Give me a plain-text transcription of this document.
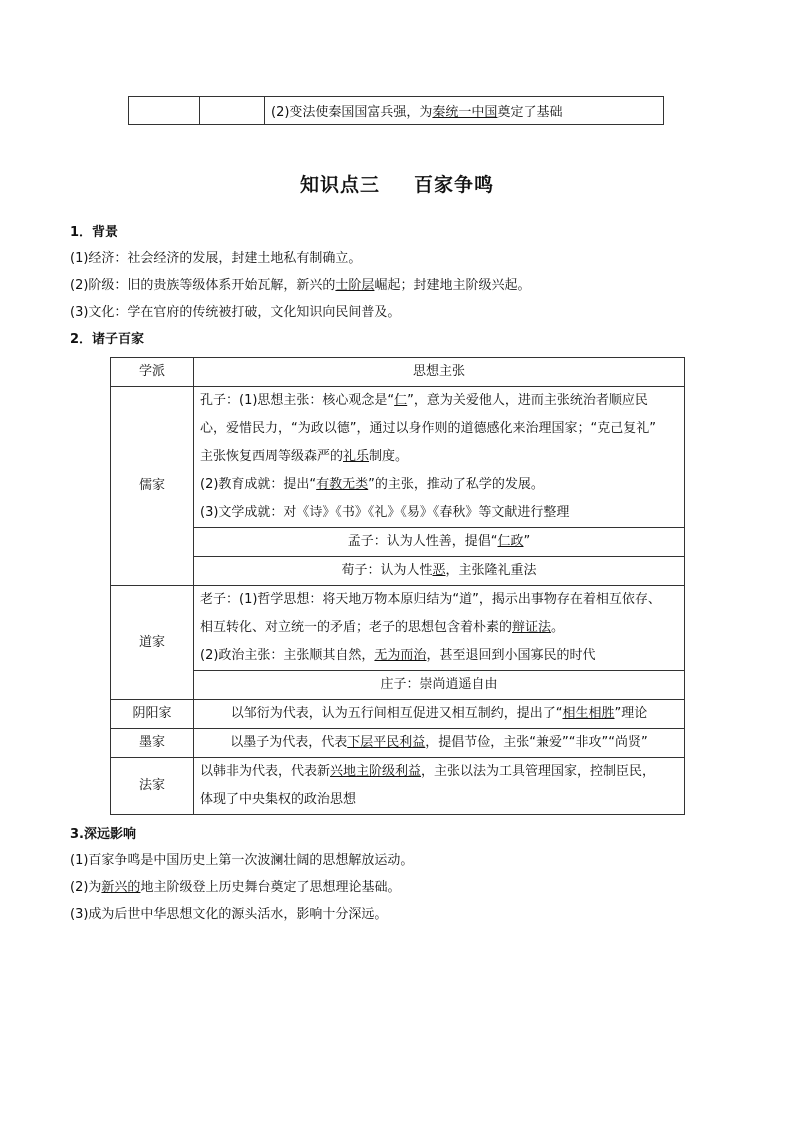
		(2)变法使秦国国富兵强，为秦统一中国奠定了基础
知识点三 百家争鸣
1．背景
(1)经济：社会经济的发展，封建土地私有制确立。
(2)阶级：旧的贵族等级体系开始瓦解，新兴的士阶层崛起；封建地主阶级兴起。
(3)文化：学在官府的传统被打破，文化知识向民间普及。
2．诸子百家
学派	思想主张
儒家	孔子：(1)思想主张：核心观念是“仁”，意为关爱他人，进而主张统治者顺应民
心，爱惜民力，“为政以德”，通过以身作则的道德感化来治理国家；“克己复礼”
主张恢复西周等级森严的礼乐制度。
(2)教育成就：提出“有教无类”的主张，推动了私学的发展。
(3)文学成就：对《诗》《书》《礼》《易》《春秋》等文献进行整理

	孟子：认为人性善，提倡“仁政”
	荀子：认为人性恶，主张隆礼重法
道家	老子：(1)哲学思想：将天地万物本原归结为“道”，揭示出事物存在着相互依存、
相互转化、对立统一的矛盾；老子的思想包含着朴素的辩证法。
(2)政治主张：主张顺其自然，无为而治，甚至退回到小国寡民的时代

	庄子：崇尚逍遥自由
阴阳家	以邹衍为代表，认为五行间相互促进又相互制约，提出了“相生相胜”理论
墨家	以墨子为代表，代表下层平民利益，提倡节俭，主张“兼爱”“非攻”“尚贤”
法家	以韩非为代表，代表新兴地主阶级利益，主张以法为工具管理国家，控制臣民，
体现了中央集权的政治思想
3.深远影响
(1)百家争鸣是中国历史上第一次波澜壮阔的思想解放运动。
(2)为新兴的地主阶级登上历史舞台奠定了思想理论基础。
(3)成为后世中华思想文化的源头活水，影响十分深远。
